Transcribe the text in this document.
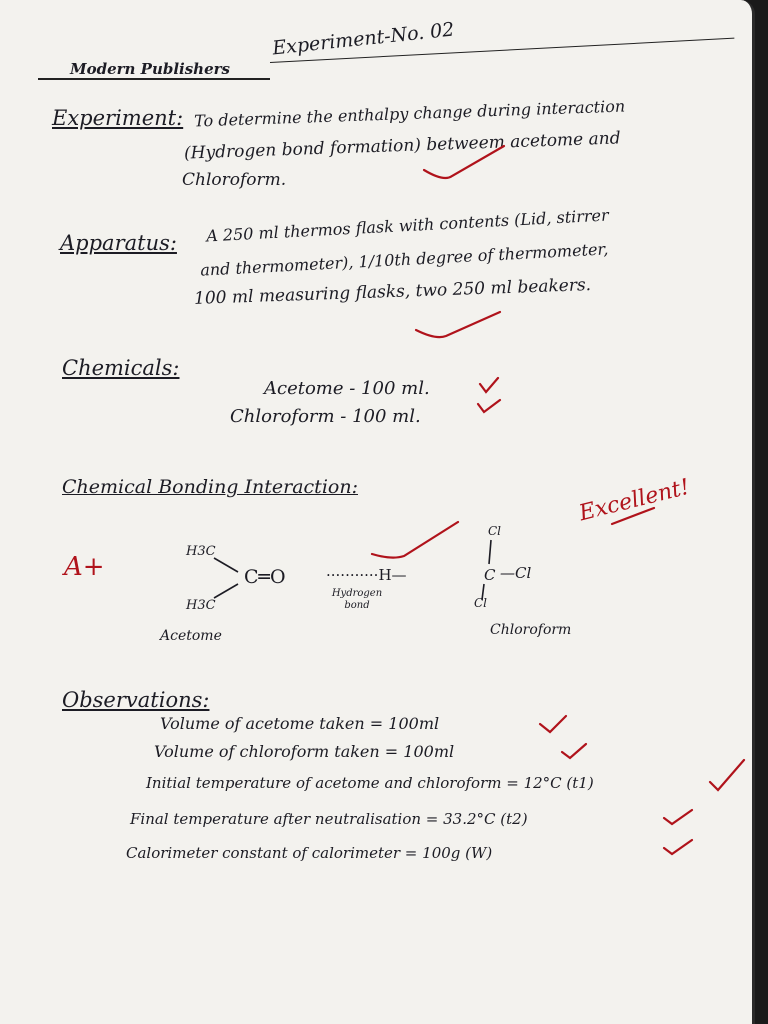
Modern Publishers
Experiment-No. 02
Experiment: To determine the enthalpy change during interaction
(Hydrogen bond formation) betweem acetome and
Chloroform.
Apparatus: A 250 ml thermos flask with contents (Lid, stirrer
and thermometer), 1/10th degree of thermometer,
100 ml measuring flasks, two 250 ml beakers.
Chemicals:
Acetome - 100 ml.
Chloroform - 100 ml.
Chemical Bonding Interaction:	Excellent!
A+
H3C
H3C
C═O	···········H—
Hydrogen bond
C
Cl
—Cl
Cl
Acetome	Chloroform
Observations:
Volume of acetome taken = 100ml
Volume of chloroform taken = 100ml
Initial temperature of acetome and chloroform = 12°C (t1)
Final temperature after neutralisation = 33.2°C (t2)
Calorimeter constant of calorimeter = 100g (W)
